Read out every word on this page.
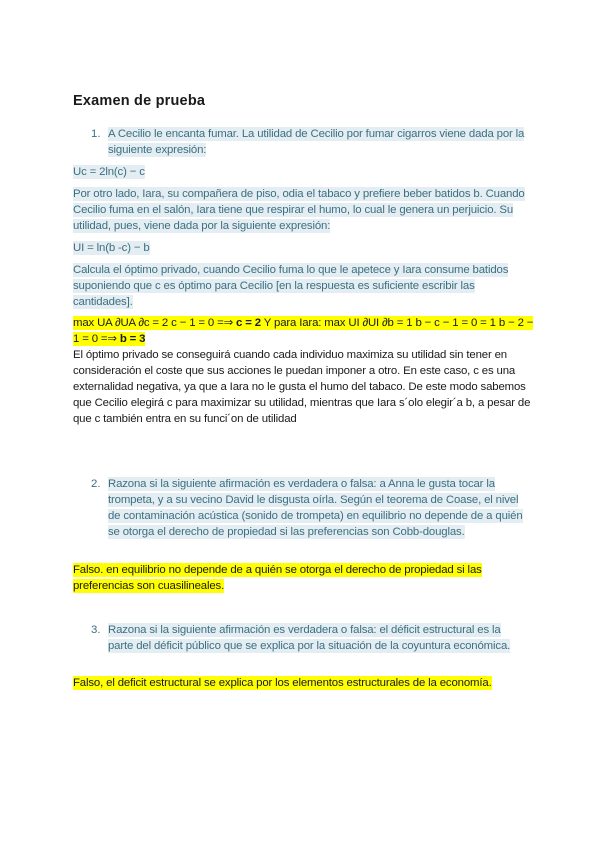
Examen de prueba
1. A Cecilio le encanta fumar. La utilidad de Cecilio por fumar cigarros viene dada por la siguiente expresión:
Uc = 2ln(c) − c
Por otro lado, Iara, su compañera de piso, odia el tabaco y prefiere beber batidos b. Cuando Cecilio fuma en el salón, Iara tiene que respirar el humo, lo cual le genera un perjuicio. Su utilidad, pues, viene dada por la siguiente expresión:
UI = ln(b -c) − b
Calcula el óptimo privado, cuando Cecilio fuma lo que le apetece y Iara consume batidos suponiendo que c es óptimo para Cecilio [en la respuesta es suficiente escribir las cantidades].
max UA ∂UA ∂c = 2 c − 1 = 0 =⇒ c = 2 Y para Iara: max UI ∂UI ∂b = 1 b − c − 1 = 0 = 1 b − 2 − 1 = 0 =⇒ b = 3
El óptimo privado se conseguirá cuando cada individuo maximiza su utilidad sin tener en consideración el coste que sus acciones le puedan imponer a otro. En este caso, c es una externalidad negativa, ya que a Iara no le gusta el humo del tabaco. De este modo sabemos que Cecilio elegirá c para maximizar su utilidad, mientras que Iara s´olo elegir´a b, a pesar de que c también entra en su funci´on de utilidad
2. Razona si la siguiente afirmación es verdadera o falsa: a Anna le gusta tocar la trompeta, y a su vecino David le disgusta oírla. Según el teorema de Coase, el nivel de contaminación acústica (sonido de trompeta) en equilibrio no depende de a quién se otorga el derecho de propiedad si las preferencias son Cobb-douglas.
Falso. en equilibrio no depende de a quién se otorga el derecho de propiedad si las preferencias son cuasilineales.
3. Razona si la siguiente afirmación es verdadera o falsa: el déficit estructural es la parte del déficit público que se explica por la situación de la coyuntura económica.
Falso, el deficit estructural se explica por los elementos estructurales de la economía.
